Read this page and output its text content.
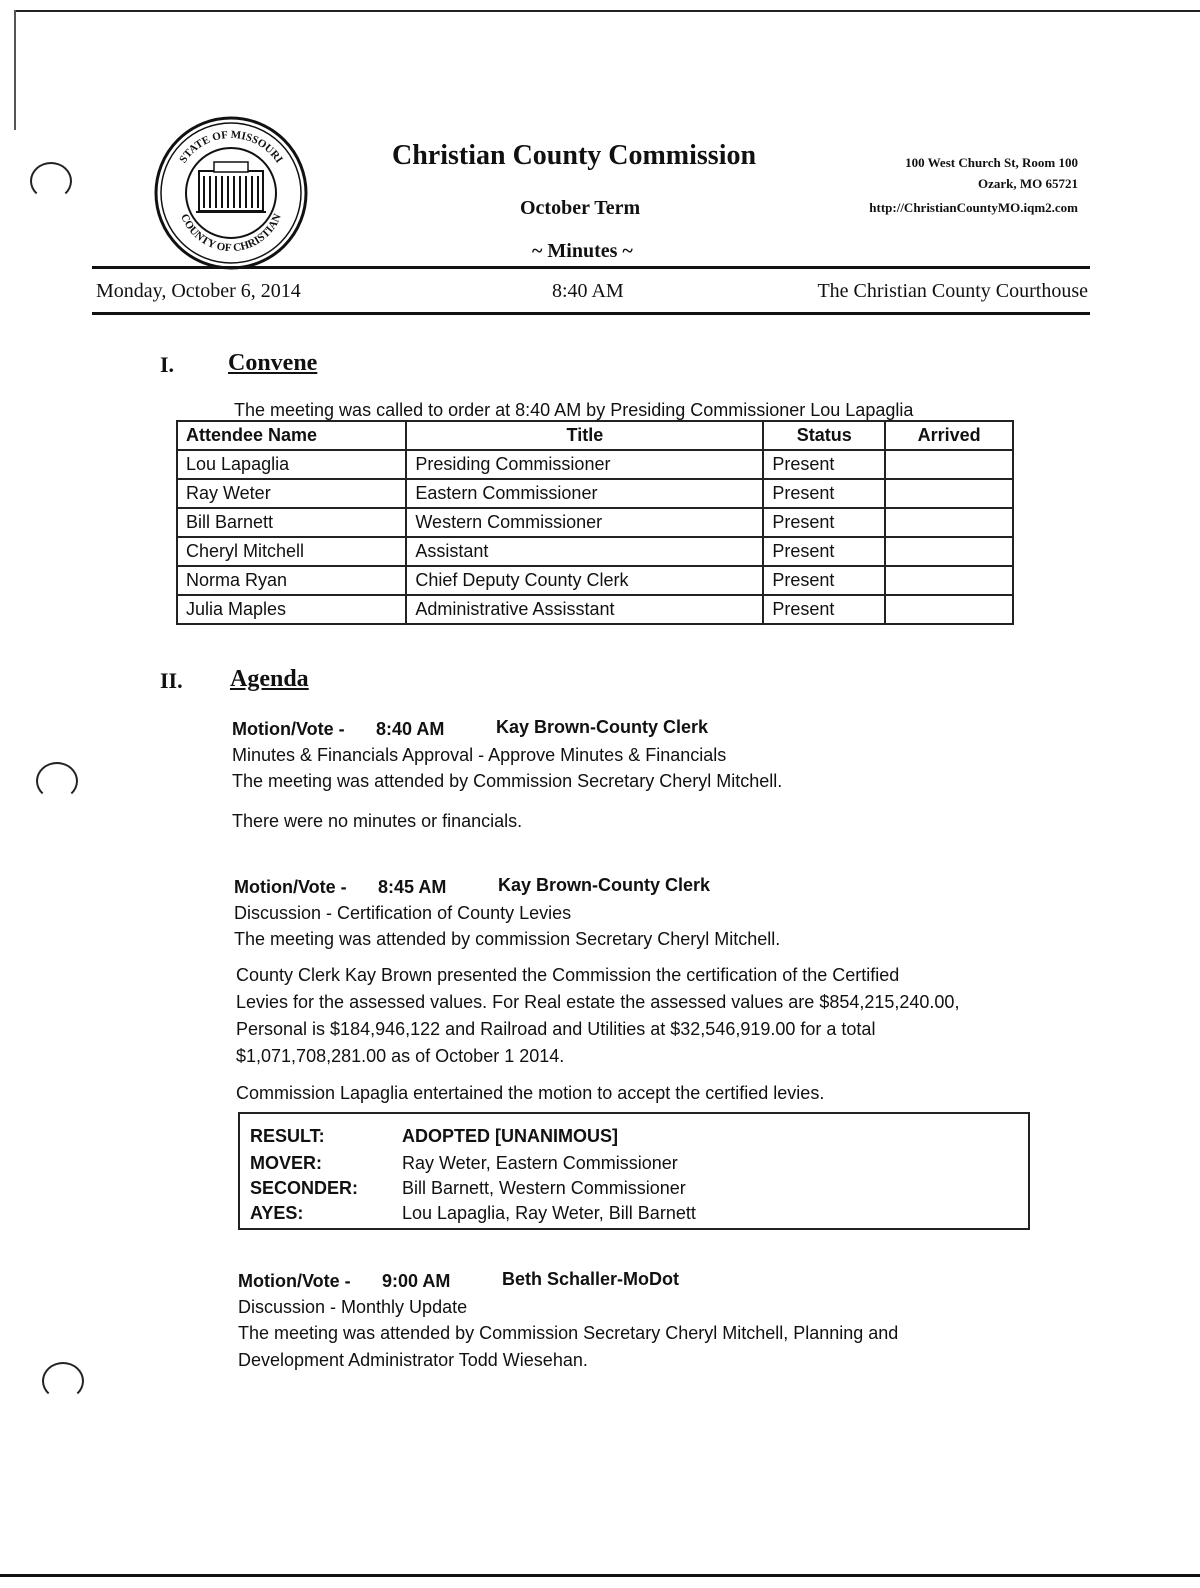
STATE OF MISSOURI
COUNTY OF CHRISTIAN
Christian County Commission
October Term
~ Minutes ~
100 West Church St, Room 100
Ozark, MO 65721
http://ChristianCountyMO.iqm2.com
Monday, October 6, 2014	8:40 AM	The Christian County Courthouse
I. Convene
The meeting was called to order at 8:40 AM by Presiding Commissioner Lou Lapaglia
Attendee Name	Title	Status	Arrived
Lou Lapaglia	Presiding Commissioner	Present	
Ray Weter	Eastern Commissioner	Present	
Bill Barnett	Western Commissioner	Present	
Cheryl Mitchell	Assistant	Present	
Norma Ryan	Chief Deputy County Clerk	Present	
Julia Maples	Administrative Assisstant	Present	
II. Agenda
Motion/Vote - 8:40 AM	Kay Brown-County Clerk
Minutes & Financials Approval - Approve Minutes & Financials
The meeting was attended by Commission Secretary Cheryl Mitchell.
There were no minutes or financials.
Motion/Vote - 8:45 AM	Kay Brown-County Clerk
Discussion - Certification of County Levies
The meeting was attended by commission Secretary Cheryl Mitchell.
County Clerk Kay Brown presented the Commission the certification of the Certified
Levies for the assessed values. For Real estate the assessed values are $854,215,240.00,
Personal is $184,946,122 and Railroad and Utilities at $32,546,919.00 for a total
$1,071,708,281.00 as of October 1 2014.
Commission Lapaglia entertained the motion to accept the certified levies.
RESULT:	ADOPTED [UNANIMOUS]
MOVER:	Ray Weter, Eastern Commissioner
SECONDER: Bill Barnett, Western Commissioner
AYES:	Lou Lapaglia, Ray Weter, Bill Barnett
Motion/Vote - 9:00 AM	Beth Schaller-MoDot
Discussion - Monthly Update
The meeting was attended by Commission Secretary Cheryl Mitchell, Planning and
Development Administrator Todd Wiesehan.
